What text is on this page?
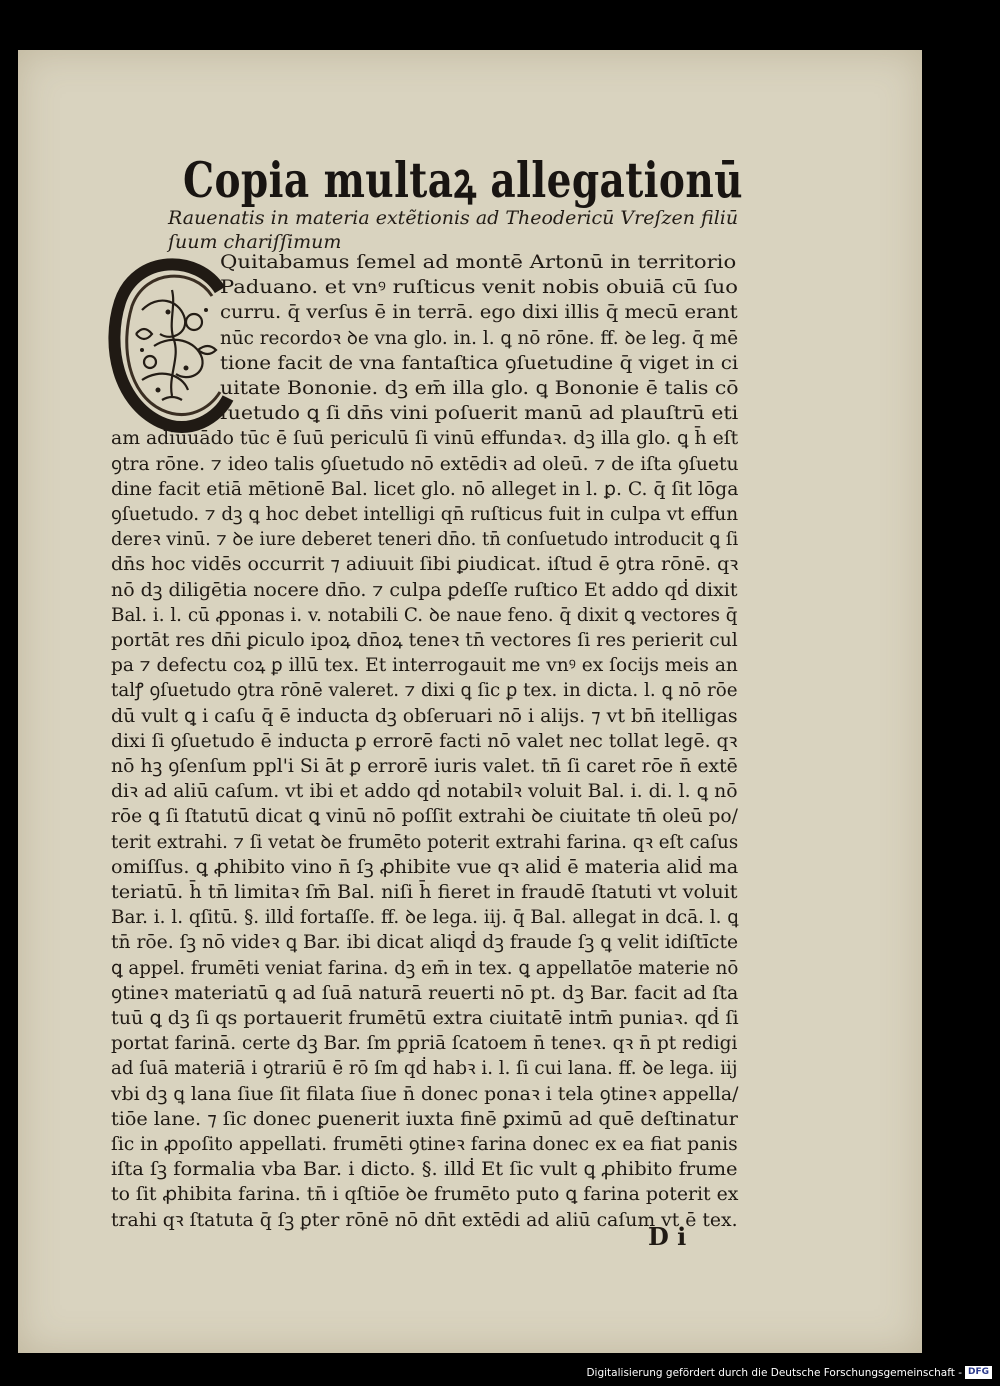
Copia multaꝝ allegationū
Rauenatis in materia extẽtionis ad Theodericū Vreſzen filiū ſuum chariſſimum
Quitabamus ſemel ad montē Artonū in territorio
Paduano. et vnꝰ ruſticus venit nobis obuiā cū ſuo
curru. q̄ verſus ē in terrā. ego dixi illis q̄ mecū erant
nūc recordoꝛ ꝺe vna glo. in. l. ꝗ nō rōne. ff. ꝺe leg. q̄ mē
tione facit de vna fantaſtica ꝯſuetudine q̄ viget in ci
uitate Bononie. dꝫ em̄ illa glo. ꝗ Bononie ē talis cō
ſuetudo ꝗ ſi dn̄s vini poſuerit manū ad plauſtrū eti
am adiuuādo tūc ē ſuū periculū ſi vinū effundaꝛ. dꝫ illa glo. ꝗ h̄ eſt
ꝯtra rōne. ⁊ ideo talis ꝯſuetudo nō extēdiꝛ ad oleū. ⁊ de iſta ꝯſuetu
dine facit etiā mētionē Bal. licet glo. nō alleget in l. ꝑ. C. q̄ ſit lōga
ꝯſuetudo. ⁊ dꝫ ꝗ hoc debet intelligi qn̄ ruſticus fuit in culpa vt effun
dereꝛ vinū. ⁊ ꝺe iure deberet teneri dn̄o. tn̄ conſuetudo introducit ꝗ ſi
dn̄s hoc vidēs occurrit ⁊ adiuuit ſibi ꝑiudicat. iſtud ē ꝯtra rōnē. qꝛ
nō dꝫ diligētia nocere dn̄o. ⁊ culpa ꝑdeſſe ruſtico Et addo qḋ dixit
Bal. i. l. cū ꝓponas i. v. notabili C. ꝺe naue feno. q̄ dixit ꝗ vectores q̄
portāt res dn̄i ꝑiculo ipoꝝ dn̄oꝝ teneꝛ tn̄ vectores ſi res perierit cul
pa ⁊ defectu coꝝ ꝑ illū tex. Et interrogauit me vnꝰ ex ſocijs meis an
talꝭ ꝯſuetudo ꝯtra rōnē valeret. ⁊ dixi ꝗ ſic ꝑ tex. in dicta. l. ꝗ nō rōe
dū vult ꝗ i caſu q̄ ē inducta dꝫ obſeruari nō i alijs. ⁊ vt bn̄ itelligas
dixi ſi ꝯſuetudo ē inducta ꝑ errorē facti nō valet nec tollat legē. qꝛ
nō hꝫ ꝯſenſum ppl'i Si āt ꝑ errorē iuris valet. tn̄ ſi caret rōe n̄ extē
diꝛ ad aliū caſum. vt ibi et addo qḋ notabilꝛ voluit Bal. i. di. l. ꝗ nō
rōe ꝗ ſi ſtatutū dicat ꝗ vinū nō poſſit extrahi ꝺe ciuitate tn̄ oleū po/
terit extrahi. ⁊ ſi vetat ꝺe frumēto poterit extrahi farina. qꝛ eſt caſus
omiſſus. ꝗ ꝓhibito vino n̄ ſꝫ ꝓhibite vue qꝛ aliḋ ē materia aliḋ ma
teriatū. h̄ tn̄ limitaꝛ ſm̄ Bal. niſi h̄ fieret in fraudē ſtatuti vt voluit
Bar. i. l. qſitū. §. illḋ fortaſſe. ff. ꝺe lega. iij. q̄ Bal. allegat in dcā. l. ꝗ
tn̄ rōe. ſꝫ nō videꝛ ꝗ Bar. ibi dicat aliqḋ dꝫ fraude ſꝫ ꝗ velit idiſtīcte
ꝗ appel. frumēti veniat farina. dꝫ em̄ in tex. ꝗ appellatōe materie nō
ꝯtineꝛ materiatū ꝗ ad ſuā naturā reuerti nō pt. dꝫ Bar. facit ad ſta
tuū ꝗ dꝫ ſi qs portauerit frumētū extra ciuitatē intm̄ puniaꝛ. qḋ ſi
portat farinā. certe dꝫ Bar. ſm ꝑpriā ſcatoem n̄ teneꝛ. qꝛ n̄ pt redigi
ad ſuā materiā i ꝯtrariū ē rō ſm qḋ habꝛ i. l. ſi cui lana. ff. ꝺe lega. iij
vbi dꝫ ꝗ lana ſiue ſit filata ſiue n̄ donec ponaꝛ i tela ꝯtineꝛ appella/
tiōe lane. ⁊ ſic donec ꝑuenerit iuxta finē ꝑximū ad quē deſtinatur
ſic in ꝓpoſito appellati. frumēti ꝯtineꝛ farina donec ex ea fiat panis
iſta ſꝫ formalia vba Bar. i dicto. §. illḋ Et ſic vult ꝗ ꝓhibito frume
to ſit ꝓhibita farina. tn̄ i qſtiōe ꝺe frumēto puto ꝗ farina poterit ex
trahi qꝛ ſtatuta q̄ ſꝫ ꝑter rōnē nō dn̄t extēdi ad aliū caſum vt ē tex.
D i
Digitalisierung gefördert durch die Deutsche Forschungsgemeinschaft - DFG
